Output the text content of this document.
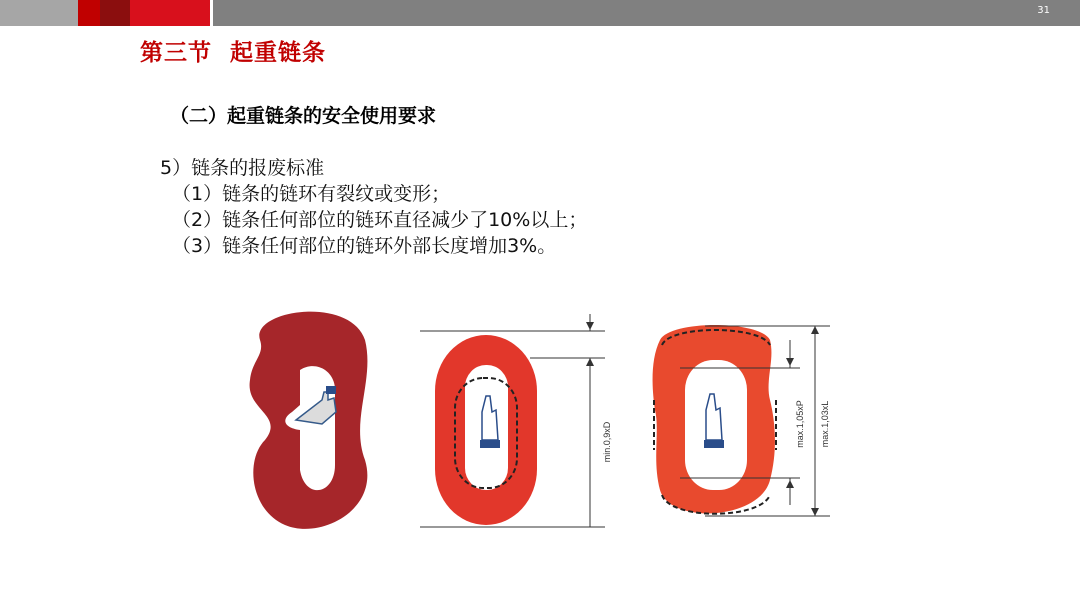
31
第三节  起重链条
（二）起重链条的安全使用要求
5）链条的报废标准
（1）链条的链环有裂纹或变形；
（2）链条任何部位的链环直径减少了10%以上；
（3）链条任何部位的链环外部长度增加3%。
min.0,9xD	max.1,05xP max.1,03xL
